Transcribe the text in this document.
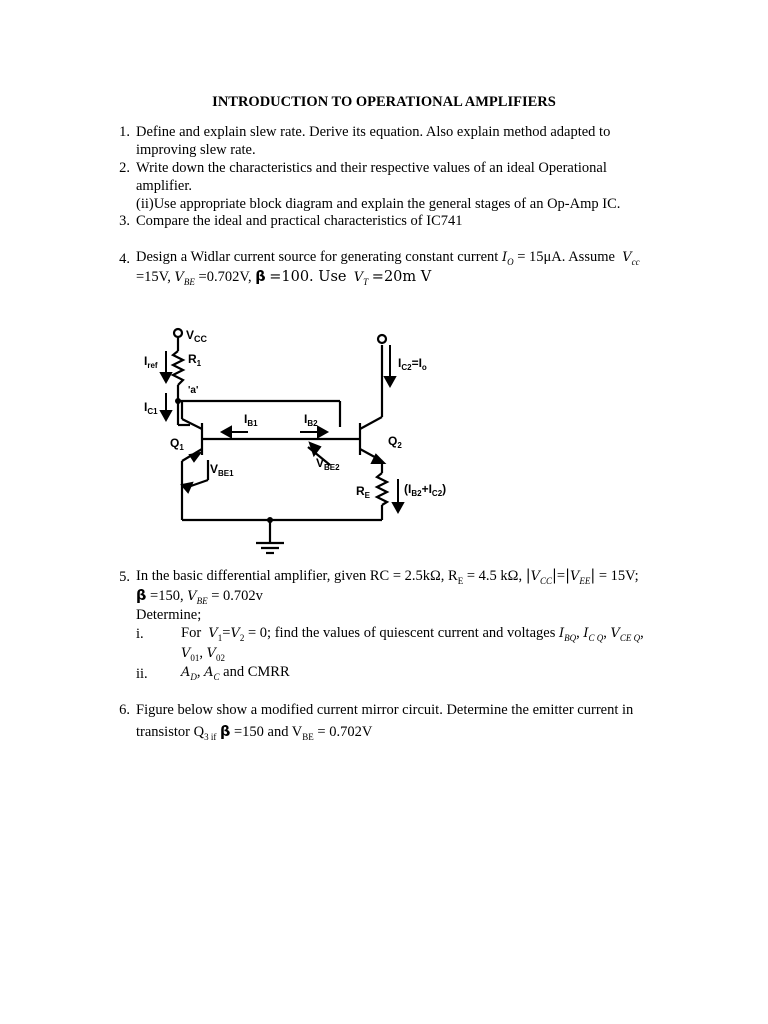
INTRODUCTION TO OPERATIONAL AMPLIFIERS
1. Define and explain slew rate. Derive its equation. Also explain method adapted to
improving slew rate.
2. Write down the characteristics and their respective values of an ideal Operational
amplifier.
(ii)Use appropriate block diagram and explain the general stages of an Op-Amp IC.
3. Compare the ideal and practical characteristics of IC741
4. Design a Widlar current source for generating constant current $I_O = 15\mu A$. Assume $V_{cc}$
=15V, $V_{BE} =0.702V$, β =100. Use $V_T =20m$ V
$V_{CC}$
$I_{ref}$	$R_1$
'a'
$I_{C1}$
$I_{B1}$	$I_{B2}$
$Q_1$	$Q_2$
$V_{BE1}$
$V_{BE2}$
$R_E$
$I_{C2}=I_o$
$(I_{B2}+I_{C2})$
5. In the basic differential amplifier, given RC = 2.5kΩ, $R_E = 4.5$ kΩ, $|V_{CC}|=|V_{EE}| = 15V$;
β =150, $V_{BE} = 0.702v$
Determine;
i.	For $V_1=V_2 = 0$; find the values of quiescent current and voltages $I_{BQ}$, $I_{C Q}$, $V_{CE Q}$,
$V_{01}$, $V_{02}$
ii.	$A_D$, $A_C$ and CMRR
6. Figure below show a modified current mirror circuit. Determine the emitter current in
transistor $Q_{3 if}$ β =150 and $V_{BE} = 0.702V$
